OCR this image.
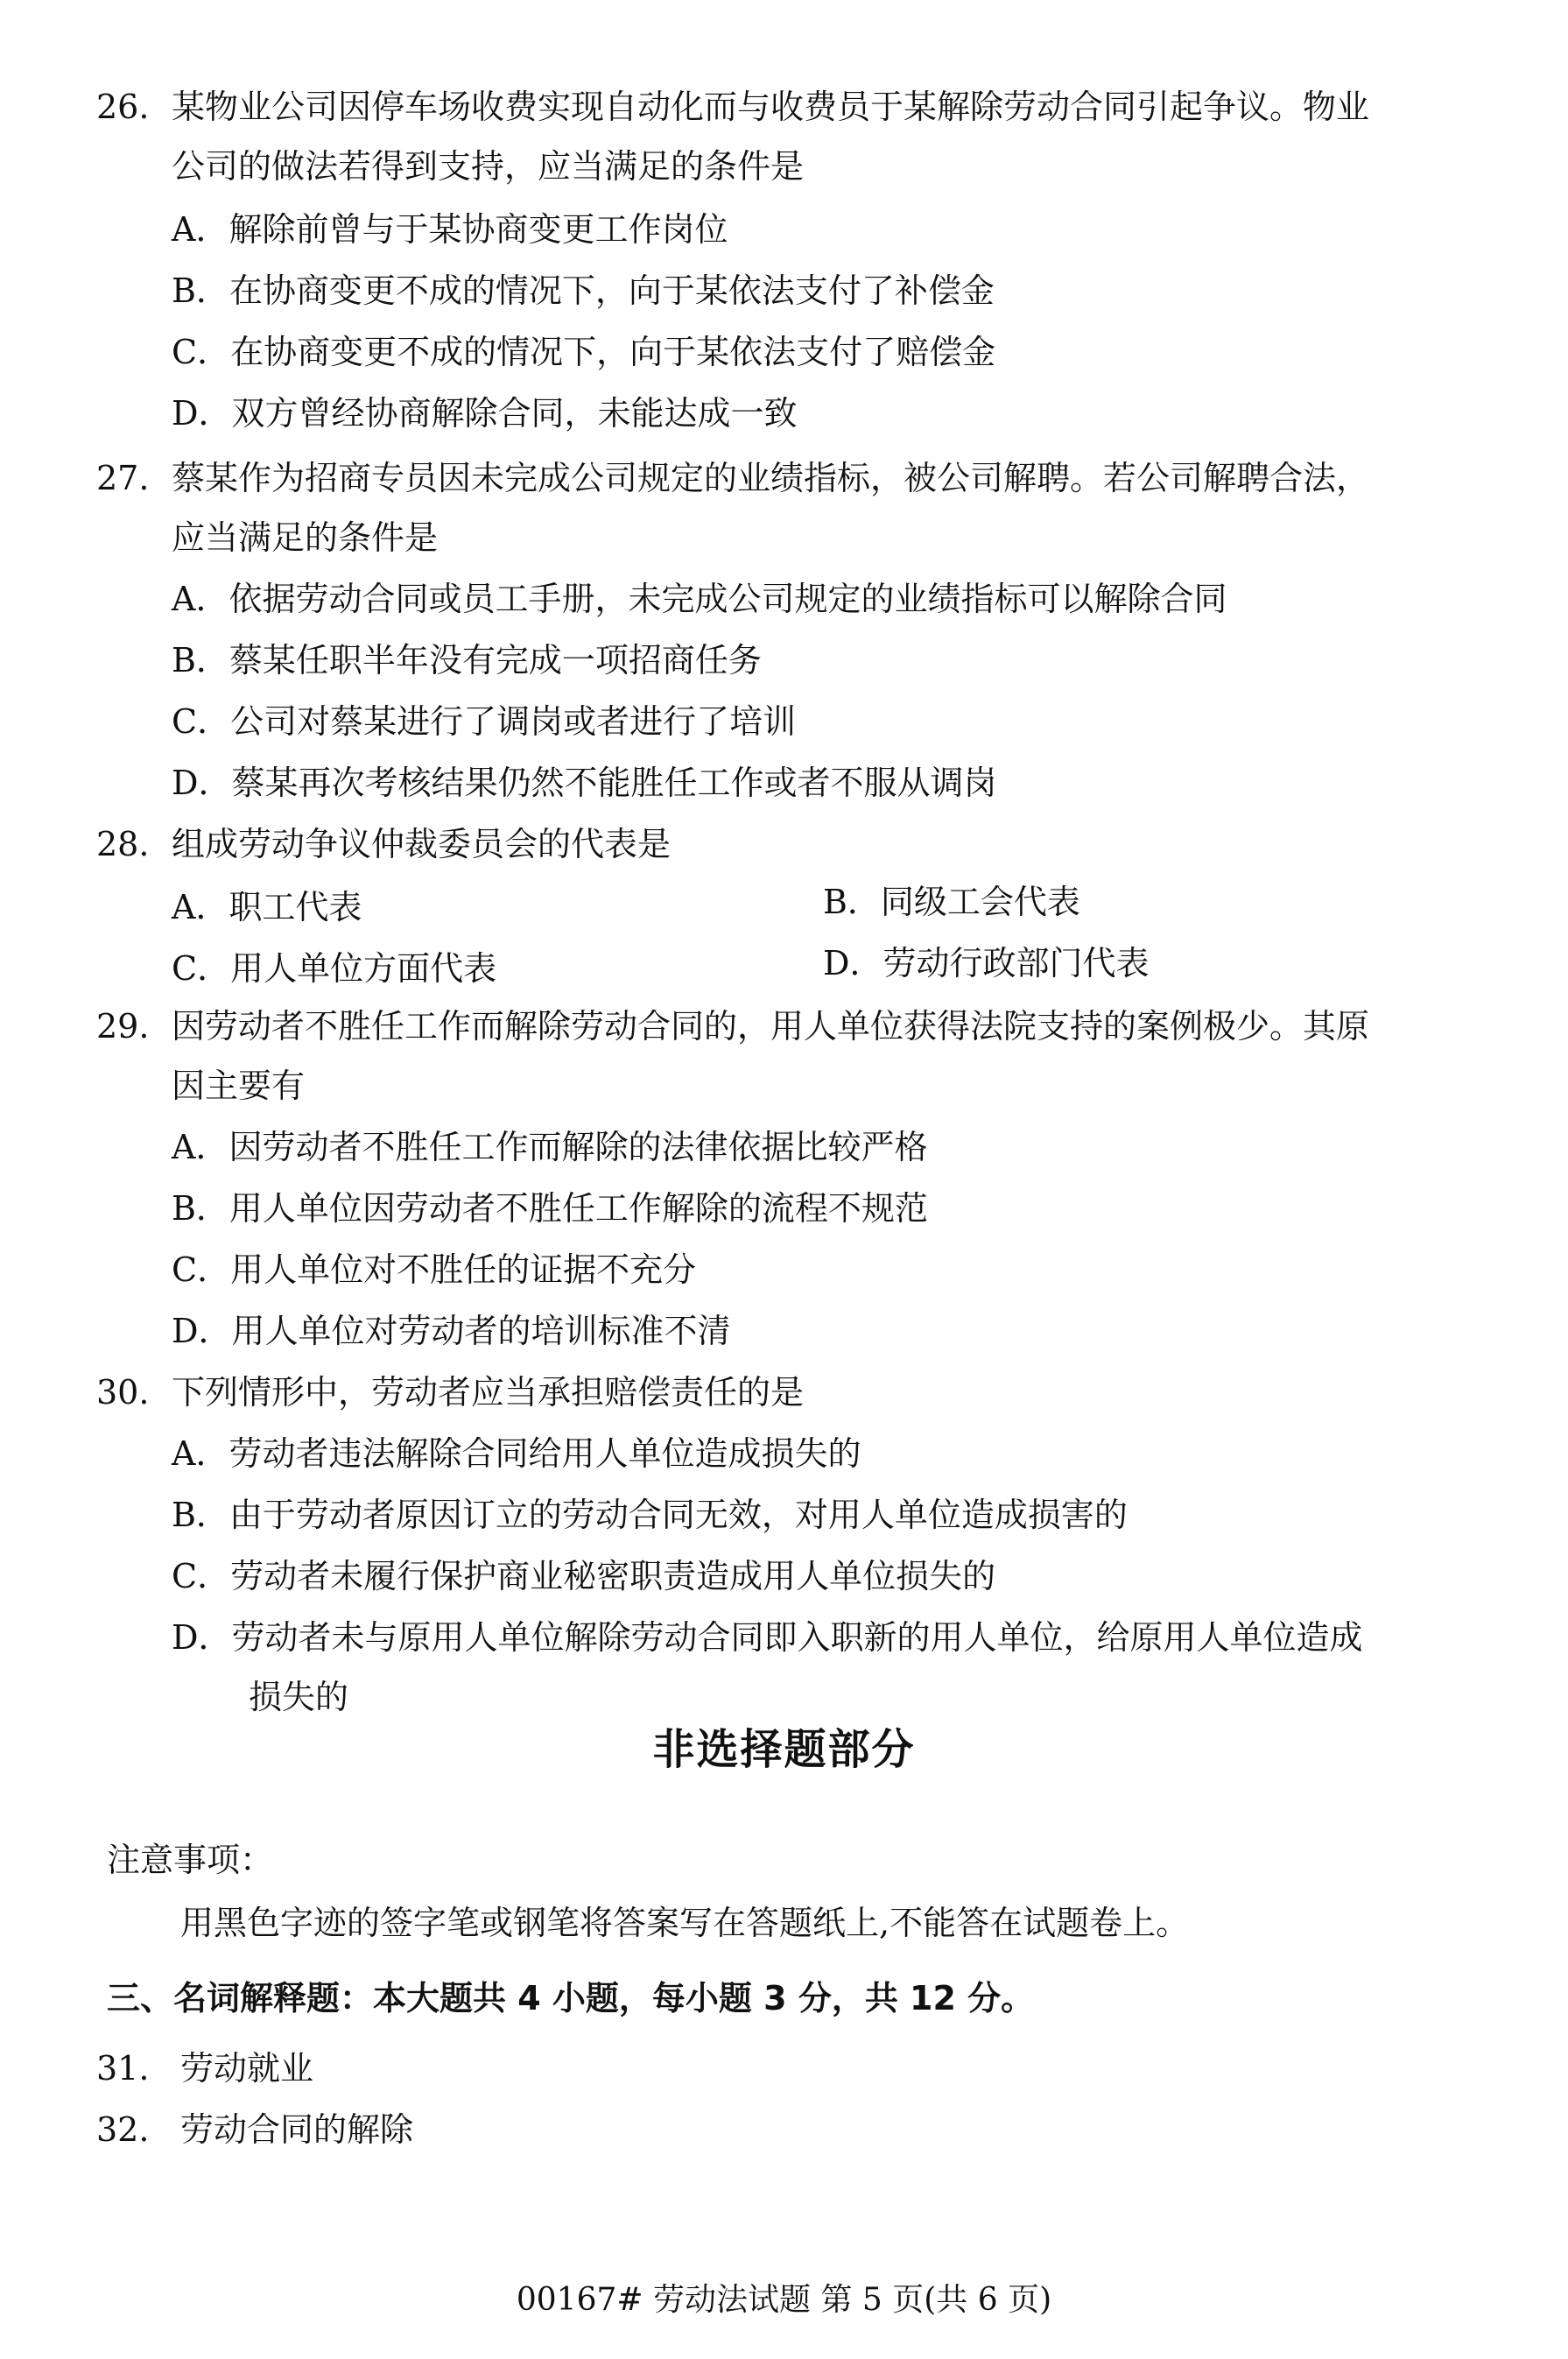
26. 某物业公司因停车场收费实现自动化而与收费员于某解除劳动合同引起争议。物业
公司的做法若得到支持，应当满足的条件是
A．解除前曾与于某协商变更工作岗位
B．在协商变更不成的情况下，向于某依法支付了补偿金
C．在协商变更不成的情况下，向于某依法支付了赔偿金
D．双方曾经协商解除合同，未能达成一致
27. 蔡某作为招商专员因未完成公司规定的业绩指标，被公司解聘。若公司解聘合法，
应当满足的条件是
A．依据劳动合同或员工手册，未完成公司规定的业绩指标可以解除合同
B．蔡某任职半年没有完成一项招商任务
C．公司对蔡某进行了调岗或者进行了培训
D．蔡某再次考核结果仍然不能胜任工作或者不服从调岗
28. 组成劳动争议仲裁委员会的代表是
A．职工代表	B．同级工会代表
C．用人单位方面代表	D．劳动行政部门代表
29. 因劳动者不胜任工作而解除劳动合同的，用人单位获得法院支持的案例极少。其原
因主要有
A．因劳动者不胜任工作而解除的法律依据比较严格
B．用人单位因劳动者不胜任工作解除的流程不规范
C．用人单位对不胜任的证据不充分
D．用人单位对劳动者的培训标准不清
30. 下列情形中，劳动者应当承担赔偿责任的是
A．劳动者违法解除合同给用人单位造成损失的
B．由于劳动者原因订立的劳动合同无效，对用人单位造成损害的
C．劳动者未履行保护商业秘密职责造成用人单位损失的
D．劳动者未与原用人单位解除劳动合同即入职新的用人单位，给原用人单位造成
损失的
非选择题部分
注意事项：
用黑色字迹的签字笔或钢笔将答案写在答题纸上,不能答在试题卷上。
三、名词解释题：本大题共 4 小题，每小题 3 分，共 12 分。
31. 劳动就业
32. 劳动合同的解除
00167# 劳动法试题 第 5 页(共 6 页)
